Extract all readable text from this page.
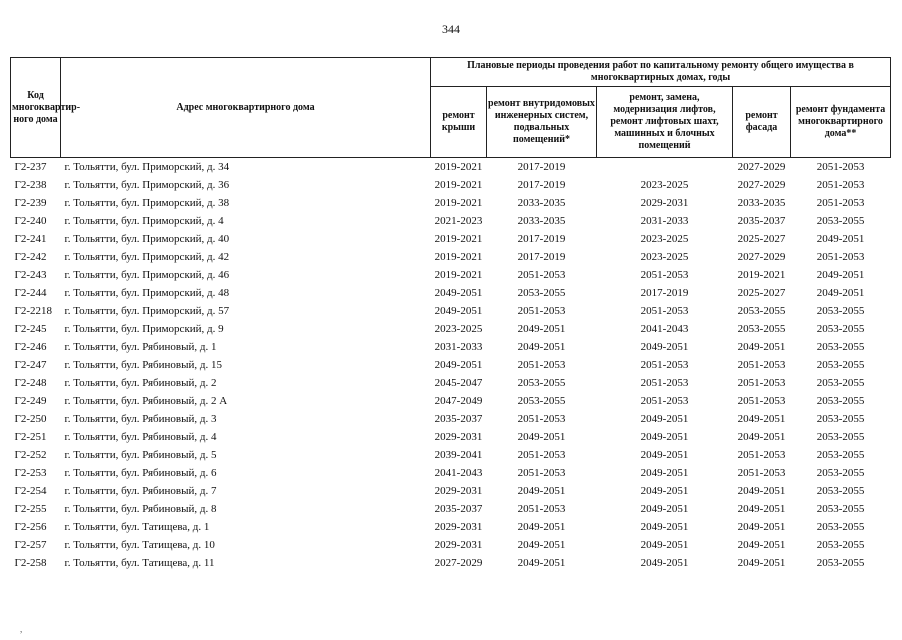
344
Код многоквартир-ного дома	Адрес многоквартирного дома	Плановые периоды проведения работ по капитальному ремонту общего имущества в многоквартирных домах, годы				
		ремонт крыши	ремонт внутридомовых инженерных систем, подвальных помещений*	ремонт, замена, модернизация лифтов, ремонт лифтовых шахт, машинных и блочных помещений	ремонт фасада	ремонт фундамента многоквартирного дома**
Г2-237	г. Тольятти, бул. Приморский, д. 34	2019-2021	2017-2019		2027-2029	2051-2053
Г2-238	г. Тольятти, бул. Приморский, д. 36	2019-2021	2017-2019	2023-2025	2027-2029	2051-2053
Г2-239	г. Тольятти, бул. Приморский, д. 38	2019-2021	2033-2035	2029-2031	2033-2035	2051-2053
Г2-240	г. Тольятти, бул. Приморский, д. 4	2021-2023	2033-2035	2031-2033	2035-2037	2053-2055
Г2-241	г. Тольятти, бул. Приморский, д. 40	2019-2021	2017-2019	2023-2025	2025-2027	2049-2051
Г2-242	г. Тольятти, бул. Приморский, д. 42	2019-2021	2017-2019	2023-2025	2027-2029	2051-2053
Г2-243	г. Тольятти, бул. Приморский, д. 46	2019-2021	2051-2053	2051-2053	2019-2021	2049-2051
Г2-244	г. Тольятти, бул. Приморский, д. 48	2049-2051	2053-2055	2017-2019	2025-2027	2049-2051
Г2-2218	г. Тольятти, бул. Приморский, д. 57	2049-2051	2051-2053	2051-2053	2053-2055	2053-2055
Г2-245	г. Тольятти, бул. Приморский, д. 9	2023-2025	2049-2051	2041-2043	2053-2055	2053-2055
Г2-246	г. Тольятти, бул. Рябиновый, д. 1	2031-2033	2049-2051	2049-2051	2049-2051	2053-2055
Г2-247	г. Тольятти, бул. Рябиновый, д. 15	2049-2051	2051-2053	2051-2053	2051-2053	2053-2055
Г2-248	г. Тольятти, бул. Рябиновый, д. 2	2045-2047	2053-2055	2051-2053	2051-2053	2053-2055
Г2-249	г. Тольятти, бул. Рябиновый, д. 2 А	2047-2049	2053-2055	2051-2053	2051-2053	2053-2055
Г2-250	г. Тольятти, бул. Рябиновый, д. 3	2035-2037	2051-2053	2049-2051	2049-2051	2053-2055
Г2-251	г. Тольятти, бул. Рябиновый, д. 4	2029-2031	2049-2051	2049-2051	2049-2051	2053-2055
Г2-252	г. Тольятти, бул. Рябиновый, д. 5	2039-2041	2051-2053	2049-2051	2051-2053	2053-2055
Г2-253	г. Тольятти, бул. Рябиновый, д. 6	2041-2043	2051-2053	2049-2051	2051-2053	2053-2055
Г2-254	г. Тольятти, бул. Рябиновый, д. 7	2029-2031	2049-2051	2049-2051	2049-2051	2053-2055
Г2-255	г. Тольятти, бул. Рябиновый, д. 8	2035-2037	2051-2053	2049-2051	2049-2051	2053-2055
Г2-256	г. Тольятти, бул. Татищева, д. 1	2029-2031	2049-2051	2049-2051	2049-2051	2053-2055
Г2-257	г. Тольятти, бул. Татищева, д. 10	2029-2031	2049-2051	2049-2051	2049-2051	2053-2055
Г2-258	г. Тольятти, бул. Татищева, д. 11	2027-2029	2049-2051	2049-2051	2049-2051	2053-2055
,
